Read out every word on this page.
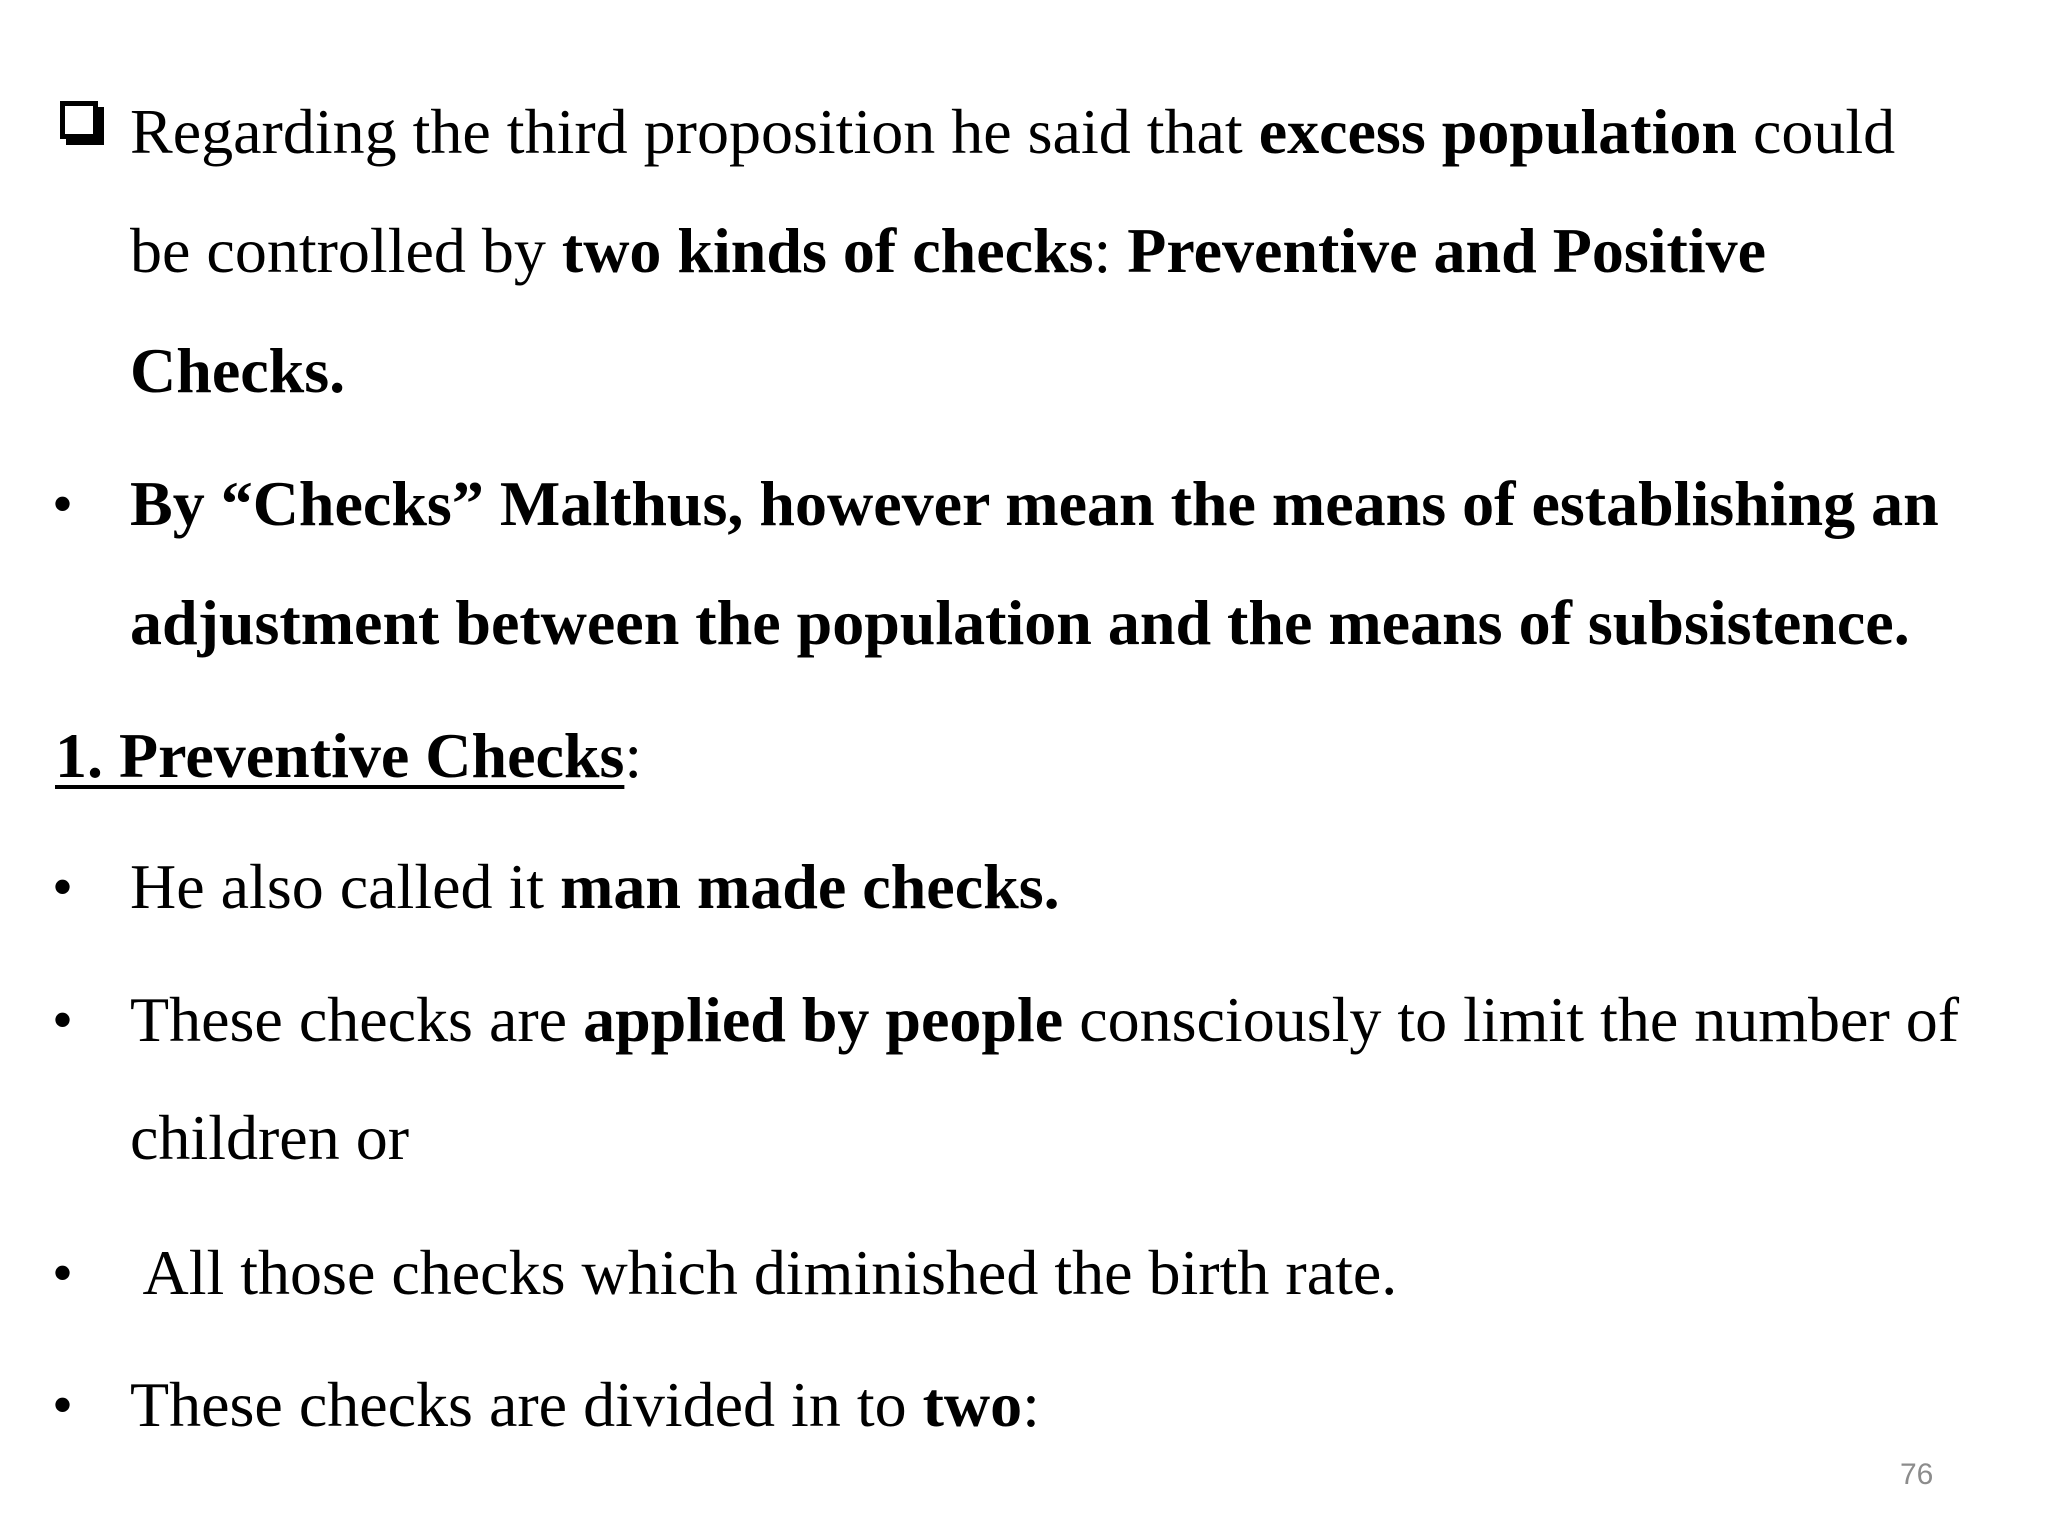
Regarding the third proposition he said that excess population could
be controlled by two kinds of checks: Preventive and Positive
Checks.
• By “Checks” Malthus, however mean the means of establishing an
adjustment between the population and the means of subsistence.
1. Preventive Checks:
• He also called it man made checks.
• These checks are applied by people consciously to limit the number of
children or
• All those checks which diminished the birth rate.
• These checks are divided in to two:
76
